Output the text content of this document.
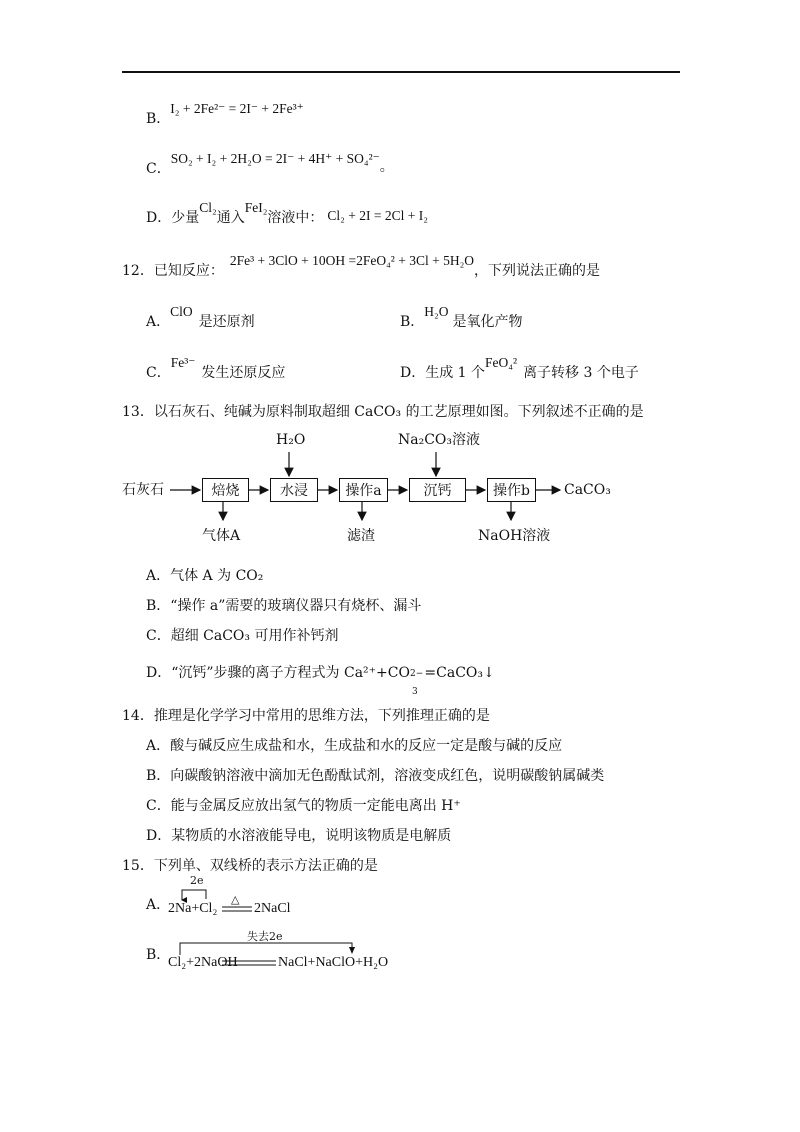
B．I₂ + 2Fe²⁻ = 2I⁻ + 2Fe³⁺
C．SO₂ + I₂ + 2H₂O = 2I⁻ + 4H⁺ + SO₄²⁻。
D．少量Cl₂通入FeI₂溶液中： Cl₂ + 2I = 2Cl + I₂
12．已知反应：2Fe³ + 3ClO + 10OH =2FeO₄² + 3Cl + 5H₂O，下列说法正确的是
A．ClO是还原剂	B．H₂O是氧化产物
C．Fe³⁻发生还原反应	D．生成 1 个FeO₄²离子转移 3 个电子
13．以石灰石、纯碱为原料制取超细 CaCO₃ 的工艺原理如图。下列叙述不正确的是
石灰石	焙烧	水浸	操作a	沉钙	操作b	CaCO₃
H₂O	Na₂CO₃溶液
气体A	滤渣	NaOH溶液
A．气体 A 为 CO₂
B．“操作 a”需要的玻璃仪器只有烧杯、漏斗
C．超细 CaCO₃ 可用作补钙剂
D．“沉钙”步骤的离子方程式为 Ca²⁺+CO 2−
3
=CaCO₃↓
14．推理是化学学习中常用的思维方法，下列推理正确的是
A．酸与碱反应生成盐和水，生成盐和水的反应一定是酸与碱的反应
B．向碳酸钠溶液中滴加无色酚酞试剂，溶液变成红色，说明碳酸钠属碱类
C．能与金属反应放出氢气的物质一定能电离出 H⁺
D．某物质的水溶液能导电，说明该物质是电解质
15．下列单、双线桥的表示方法正确的是
A．
2e
2Na+Cl₂
△
2NaCl
B．
失去2e
Cl₂+2NaOH	NaCl+NaClO+H₂O
